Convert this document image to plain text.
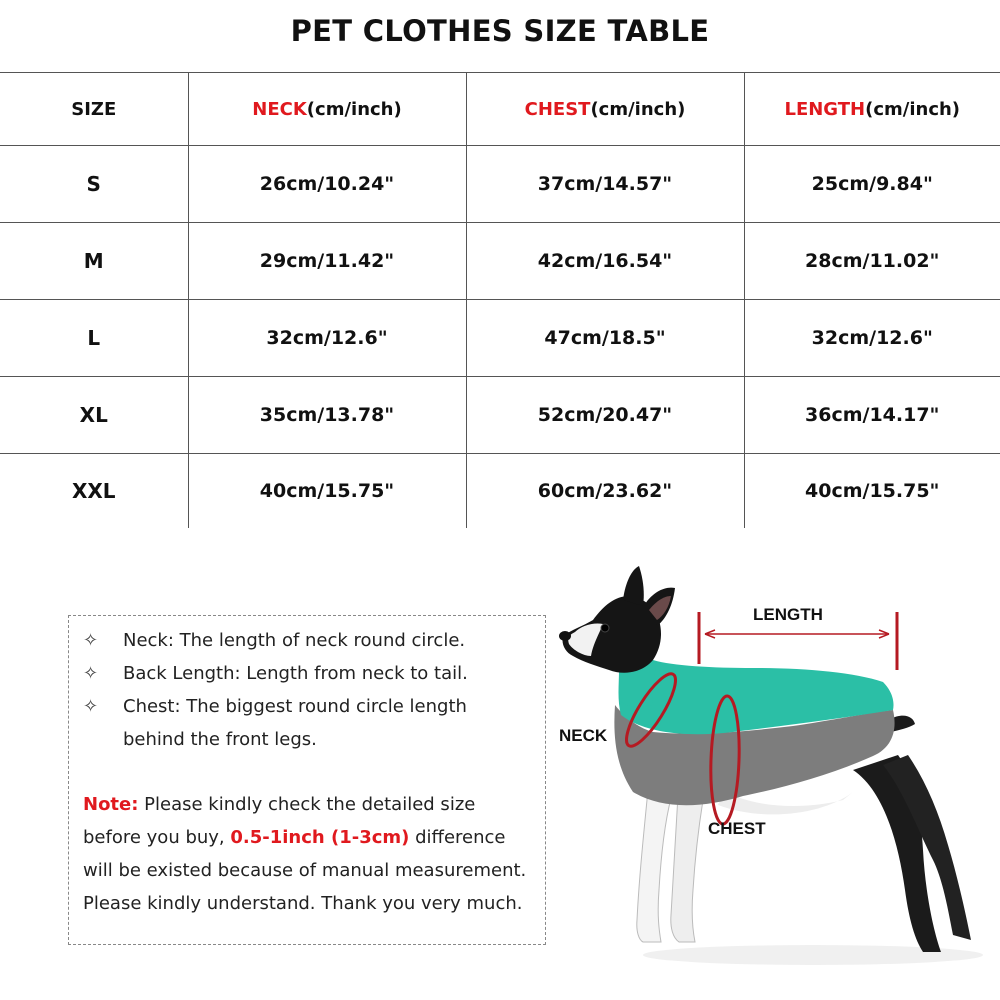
PET CLOTHES SIZE TABLE
SIZE	NECK(cm/inch)	CHEST(cm/inch)	LENGTH(cm/inch)
S	26cm/10.24"	37cm/14.57"	25cm/9.84"
M	29cm/11.42"	42cm/16.54"	28cm/11.02"
L	32cm/12.6"	47cm/18.5"	32cm/12.6"
XL	35cm/13.78"	52cm/20.47"	36cm/14.17"
XXL	40cm/15.75"	60cm/23.62"	40cm/15.75"
✧ Neck: The length of neck round circle.
✧ Back Length: Length from neck to tail.
✧ Chest: The biggest round circle length behind the front legs.
Note: Please kindly check the detailed size before you buy, 0.5-1inch (1-3cm) difference will be existed because of manual measurement. Please kindly understand. Thank you very much.
LENGTH
NECK
CHEST
